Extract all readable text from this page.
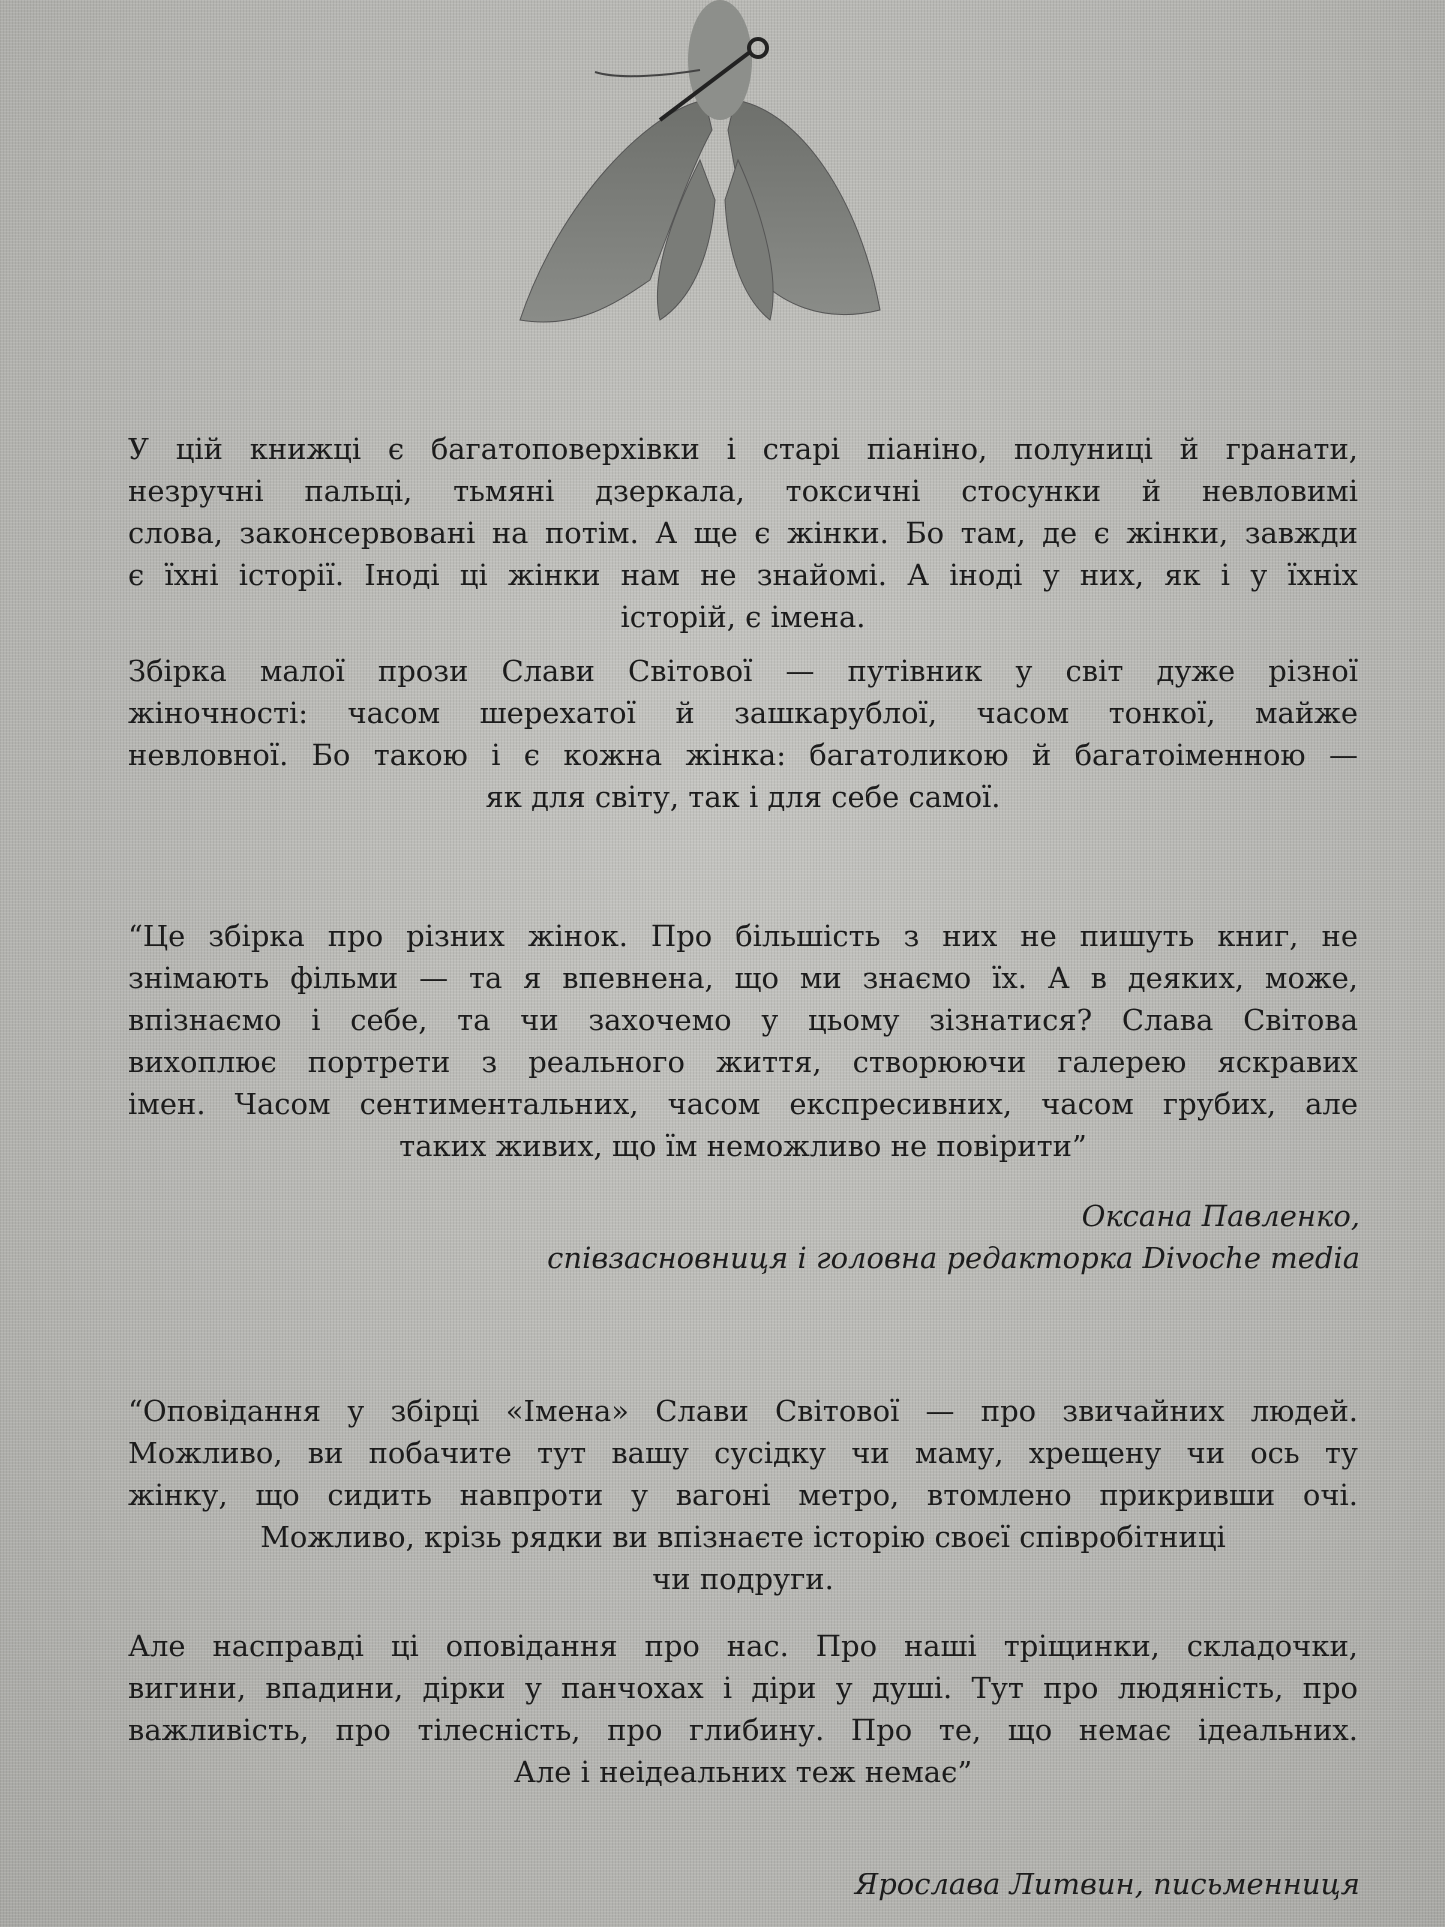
У цій книжці є багатоповерхівки і старі піаніно, полуниці й гранати,
незручні пальці, тьмяні дзеркала, токсичні стосунки й невловимі
слова, законсервовані на потім. А ще є жінки. Бо там, де є жінки, завжди
є їхні історії. Іноді ці жінки нам не знайомі. А іноді у них, як і у їхніх
історій, є імена.
Збірка малої прози Слави Світової — путівник у світ дуже різної
жіночності: часом шерехатої й зашкарублої, часом тонкої, майже
невловної. Бо такою і є кожна жінка: багатоликою й багатоіменною —
як для світу, так і для себе самої.
“Це збірка про різних жінок. Про більшість з них не пишуть книг, не
знімають фільми — та я впевнена, що ми знаємо їх. А в деяких, може,
впізнаємо і себе, та чи захочемо у цьому зізнатися? Слава Світова
вихоплює портрети з реального життя, створюючи галерею яскравих
імен. Часом сентиментальних, часом експресивних, часом грубих, але
таких живих, що їм неможливо не повірити”
Оксана Павленко,
співзасновниця і головна редакторка Divoche media
“Оповідання у збірці «Імена» Слави Світової — про звичайних людей.
Можливо, ви побачите тут вашу сусідку чи маму, хрещену чи ось ту
жінку, що сидить навпроти у вагоні метро, втомлено прикривши очі.
Можливо, крізь рядки ви впізнаєте історію своєї співробітниці
чи подруги.
Але насправді ці оповідання про нас. Про наші тріщинки, складочки,
вигини, впадини, дірки у панчохах і діри у душі. Тут про людяність, про
важливість, про тілесність, про глибину. Про те, що немає ідеальних.
Але і неідеальних теж немає”
Ярослава Литвин, письменниця
